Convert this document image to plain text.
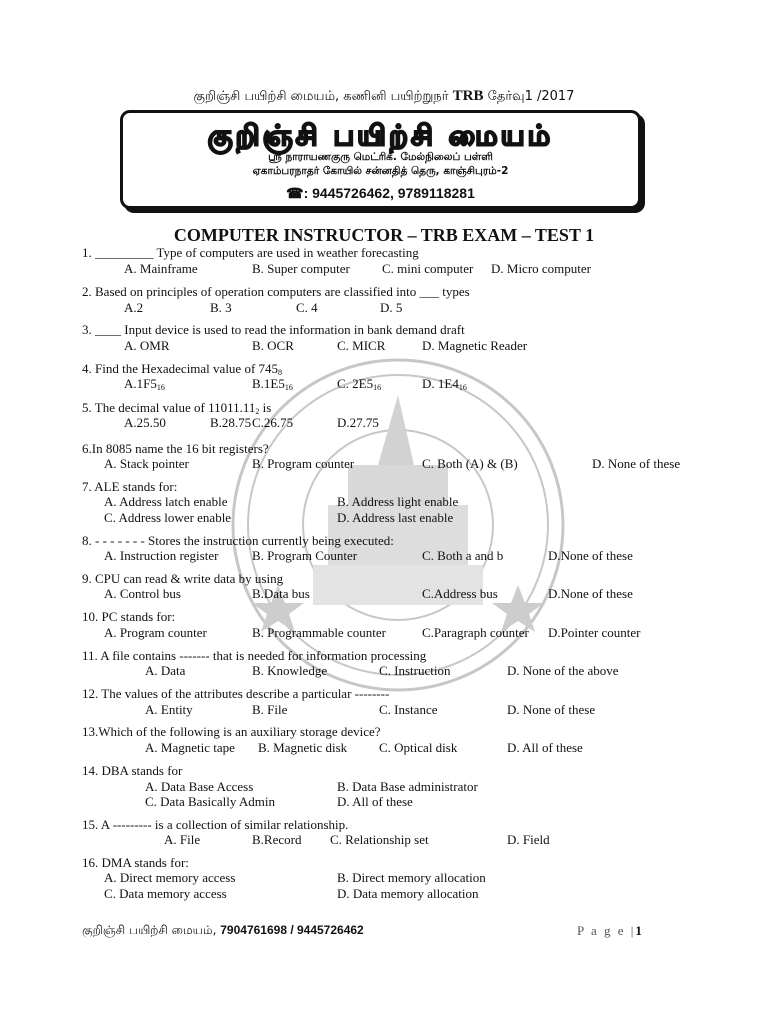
குறிஞ்சி பயிற்சி மையம், கணினி பயிற்றுநர் TRB தேர்வு1 /2017
குறிஞ்சி பயிற்சி மையம்
ஸ்ரீ நாராயணகுரு மெட்ரிக். மேல்நிலைப் பள்ளி
ஏகாம்பரநாதர் கோயில் சன்னதித் தெரு, காஞ்சிபுரம்-2
☎: 9445726462, 9789118281
COMPUTER INSTRUCTOR – TRB EXAM – TEST 1
1. _________ Type of computers are used in weather forecasting
A. Mainframe	B. Super computer C. mini computer D. Micro computer
2. Based on principles of operation computers are classified into ___ types
A.2	B. 3	C. 4	D. 5
3. ____ Input device is used to read the information in bank demand draft
A. OMR	B. OCR	C. MICR	D. Magnetic Reader
4. Find the Hexadecimal value of $745_8$
$A.1F5_{16}$	$B.1E5_{16}$	C. $2E5_{16}$	D. $1E4_{16}$
5. The decimal value of $11011.11_2$ is
A.25.50	B.28.75 C.26.75	D.27.75
6.In 8085 name the 16 bit registers?
A. Stack pointer	B. Program counter	C. Both (A) & (B)	D. None of these
7. ALE stands for:
A. Address latch enable	B. Address light enable
C. Address lower enable	D. Address last enable
8. - - - - - - - Stores the instruction currently being executed:
A. Instruction register	B. Program Counter	C. Both a and b	D.None of these
9. CPU can read & write data by using
A. Control bus	B.Data bus	C.Address bus	D.None of these
10. PC stands for:
A. Program counter	B. Programmable counter	C.Paragraph counter D.Pointer counter
11. A file contains ------- that is needed for information processing
A. Data	B. Knowledge	C. Instruction	D. None of the above
12. The values of the attributes describe a particular --------
A. Entity	B. File	C. Instance	D. None of these
13.Which of the following is an auxiliary storage device?
A. Magnetic tape B. Magnetic disk C. Optical disk	D. All of these
14. DBA stands for
A. Data Base Access	B. Data Base administrator
C. Data Basically Admin	D. All of these
15. A --------- is a collection of similar relationship.
A. File	B.Record C. Relationship set	D. Field
16. DMA stands for:
A. Direct memory access	B. Direct memory allocation
C. Data memory access	D. Data memory allocation
குறிஞ்சி பயிற்சி மையம், 7904761698 / 9445726462	P a g e |1
